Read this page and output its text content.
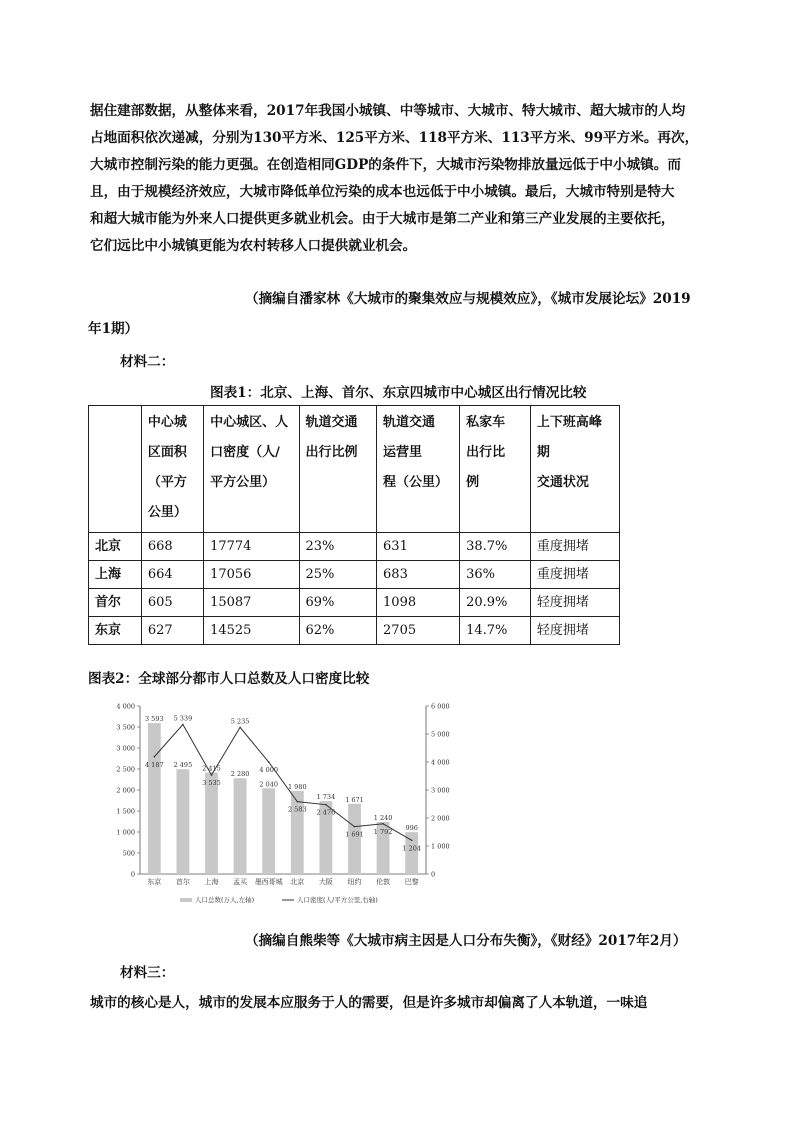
据住建部数据，从整体来看，2017年我国小城镇、中等城市、大城市、特大城市、超大城市的人均
占地面积依次递减，分别为130平方米、125平方米、118平方米、113平方米、99平方米。再次，
大城市控制污染的能力更强。在创造相同GDP的条件下，大城市污染物排放量远低于中小城镇。而
且，由于规模经济效应，大城市降低单位污染的成本也远低于中小城镇。最后，大城市特别是特大
和超大城市能为外来人口提供更多就业机会。由于大城市是第二产业和第三产业发展的主要依托，
它们远比中小城镇更能为农村转移人口提供就业机会。
（摘编自潘家林《大城市的聚集效应与规模效应》，《城市发展论坛》2019
年1期）
材料二：
图表1：北京、上海、首尔、东京四城市中心城区出行情况比较

	中心城
区面积
（平方
公里）	中心城区、人
口密度（人/
平方公里）	轨道交通
出行比例	轨道交通
运营里
程（公里）	私家车
出行比
例	上下班高峰期
交通状况

北京	668	17774	23%	631	38.7%	重度拥堵
上海	664	17056	25%	683	36%	重度拥堵
首尔	605	15087	69%	1098	20.9%	轻度拥堵
东京	627	14525	62%	2705	14.7%	轻度拥堵
图表2：全球部分都市人口总数及人口密度比较
0
500
1 000
1 500
2 000
2 500
3 000
3 500
4 000
0
1 000
2 000
3 000
4 000
5 000
6 000
3 593
东京
2 495
首尔
2 415
上海
2 280
孟买
2 040
墨西哥城
1 980
北京
1 734
大阪
1 671
纽约
1 240
伦敦
996
巴黎
4 187
5 339
3 535
5 235
4 000
2 583 2 476
1 691 1 792
1 204
人口总数(万人,左轴)	人口密度(人/平方公里,右轴)
（摘编自熊柴等《大城市病主因是人口分布失衡》，《财经》2017年2月）
材料三：
城市的核心是人，城市的发展本应服务于人的需要，但是许多城市却偏离了人本轨道，一味追
